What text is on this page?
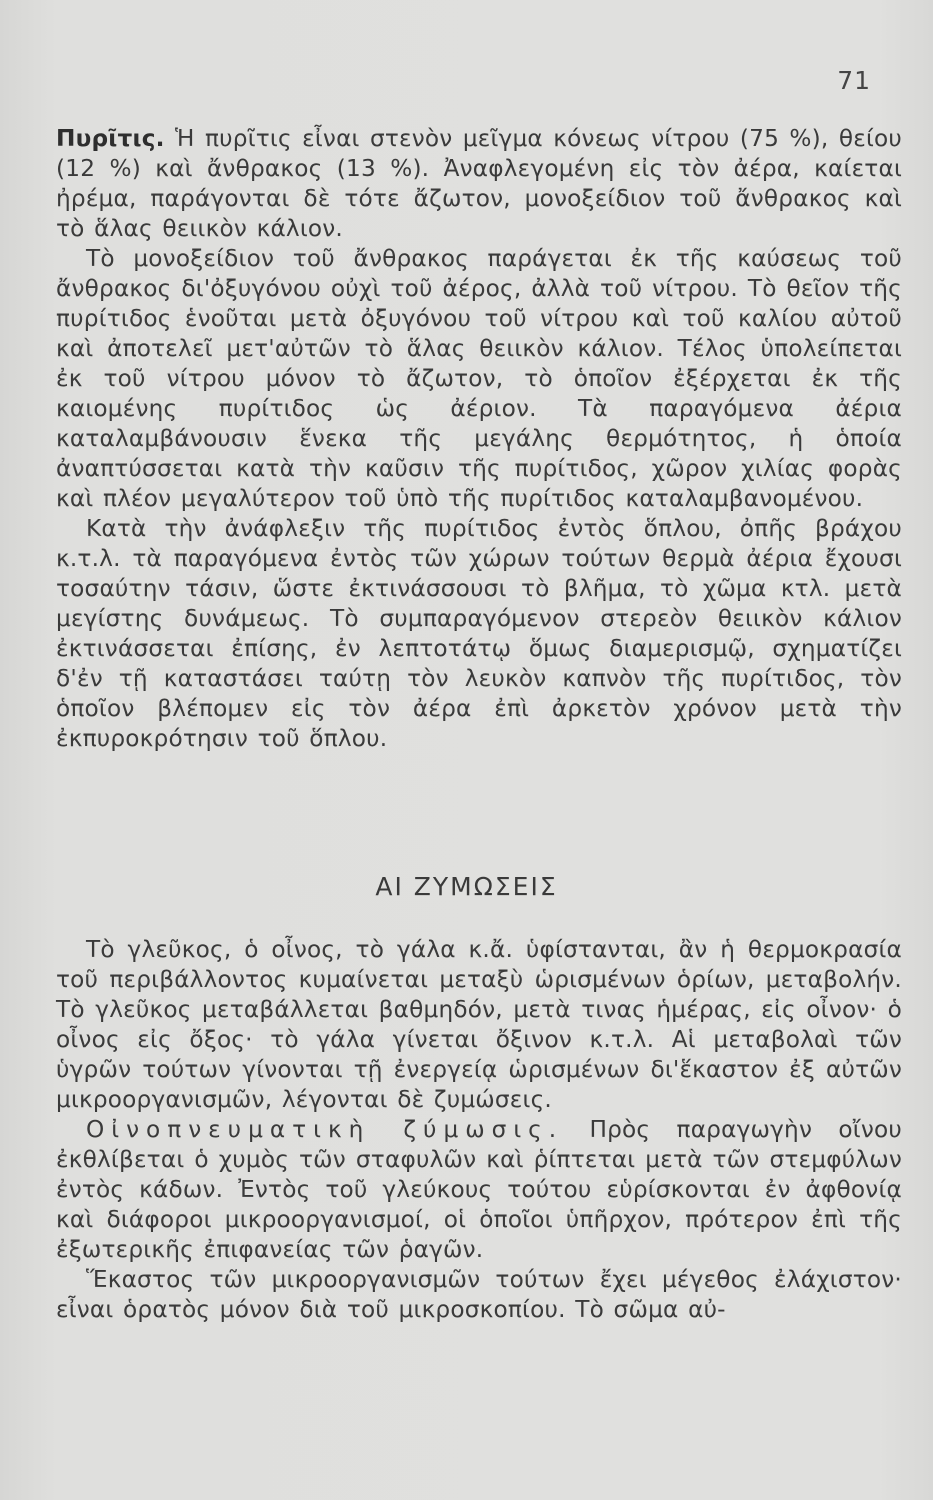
71

Πυρῖτις. Ἡ πυρῖτις εἶναι στενὸν μεῖγμα κόνεως νίτρου (75 %), θείου (12 %) καὶ ἄνθρακος (13 %). Ἀναφλεγομένη εἰς τὸν ἀέρα, καίεται ἠρέμα, παράγονται δὲ τότε ἄζωτον, μονοξείδιον τοῦ ἄνθρακος καὶ τὸ ἅλας θειικὸν κάλιον.

Τὸ μονοξείδιον τοῦ ἄνθρακος παράγεται ἐκ τῆς καύσεως τοῦ ἄνθρακος δι'ὀξυγόνου οὐχὶ τοῦ ἀέρος, ἀλλὰ τοῦ νίτρου. Τὸ θεῖον τῆς πυρίτιδος ἑνοῦται μετὰ ὀξυγόνου τοῦ νίτρου καὶ τοῦ καλίου αὐτοῦ καὶ ἀποτελεῖ μετ'αὐτῶν τὸ ἅλας θειικὸν κάλιον. Τέλος ὑπολείπεται ἐκ τοῦ νίτρου μόνον τὸ ἄζωτον, τὸ ὁποῖον ἐξέρχεται ἐκ τῆς καιομένης πυρίτιδος ὡς ἀέριον. Τὰ παραγόμενα ἀέρια καταλαμβάνουσιν ἕνεκα τῆς μεγάλης θερμότητος, ἡ ὁποία ἀναπτύσσεται κατὰ τὴν καῦσιν τῆς πυρίτιδος, χῶρον χιλίας φορὰς καὶ πλέον μεγαλύτερον τοῦ ὑπὸ τῆς πυρίτιδος καταλαμβανομένου.

Κατὰ τὴν ἀνάφλεξιν τῆς πυρίτιδος ἐντὸς ὅπλου, ὀπῆς βράχου κ.τ.λ. τὰ παραγόμενα ἐντὸς τῶν χώρων τούτων θερμὰ ἀέρια ἔχουσι τοσαύτην τάσιν, ὥστε ἐκτινάσσουσι τὸ βλῆμα, τὸ χῶμα κτλ. μετὰ μεγίστης δυνάμεως. Τὸ συμπαραγόμενον στερεὸν θειικὸν κάλιον ἐκτινάσσεται ἐπίσης, ἐν λεπτοτάτῳ ὅμως διαμερισμῷ, σχηματίζει δ'ἐν τῇ καταστάσει ταύτῃ τὸν λευκὸν καπνὸν τῆς πυρίτιδος, τὸν ὁποῖον βλέπομεν εἰς τὸν ἀέρα ἐπὶ ἀρκετὸν χρόνον μετὰ τὴν ἐκπυροκρότησιν τοῦ ὅπλου.

ΑΙ ΖΥΜΩΣΕΙΣ

Τὸ γλεῦκος, ὁ οἶνος, τὸ γάλα κ.ἄ. ὑφίστανται, ἂν ἡ θερμοκρασία τοῦ περιβάλλοντος κυμαίνεται μεταξὺ ὡρισμένων ὁρίων, μεταβολήν. Τὸ γλεῦκος μεταβάλλεται βαθμηδόν, μετὰ τινας ἡμέρας, εἰς οἶνον· ὁ οἶνος εἰς ὄξος· τὸ γάλα γίνεται ὄξινον κ.τ.λ. Αἱ μεταβολαὶ τῶν ὑγρῶν τούτων γίνονται τῇ ἐνεργείᾳ ὡρισμένων δι'ἕκαστον ἐξ αὐτῶν μικροοργανισμῶν, λέγονται δὲ ζυμώσεις.

Οἰνοπνευματικὴ ζύμωσις. Πρὸς παραγωγὴν οἴνου ἐκθλίβεται ὁ χυμὸς τῶν σταφυλῶν καὶ ῥίπτεται μετὰ τῶν στεμφύλων ἐντὸς κάδων. Ἐντὸς τοῦ γλεύκους τούτου εὑρίσκονται ἐν ἀφθονίᾳ καὶ διάφοροι μικροοργανισμοί, οἱ ὁποῖοι ὑπῆρχον, πρότερον ἐπὶ τῆς ἐξωτερικῆς ἐπιφανείας τῶν ῥαγῶν.

Ἕκαστος τῶν μικροοργανισμῶν τούτων ἔχει μέγεθος ἐλάχιστον· εἶναι ὁρατὸς μόνον διὰ τοῦ μικροσκοπίου. Τὸ σῶμα αὐ-
